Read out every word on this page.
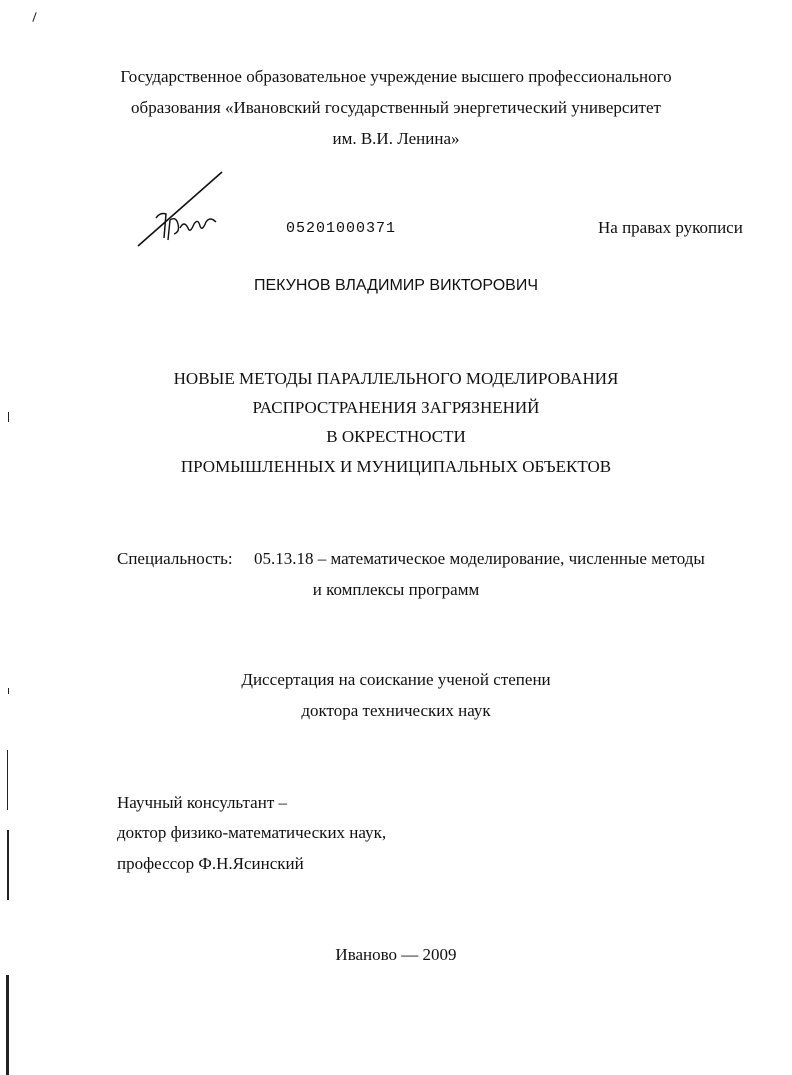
Государственное образовательное учреждение высшего профессионального
образования «Ивановский государственный энергетический университет
им. В.И. Ленина»
05201000371	На правах рукописи
ПЕКУНОВ ВЛАДИМИР ВИКТОРОВИЧ
НОВЫЕ МЕТОДЫ ПАРАЛЛЕЛЬНОГО МОДЕЛИРОВАНИЯ
РАСПРОСТРАНЕНИЯ ЗАГРЯЗНЕНИЙ
В ОКРЕСТНОСТИ
ПРОМЫШЛЕННЫХ И МУНИЦИПАЛЬНЫХ ОБЪЕКТОВ
Специальность: 05.13.18 – математическое моделирование, численные методы
и комплексы программ
Диссертация на соискание ученой степени
доктора технических наук
Научный консультант –
доктор физико-математических наук,
профессор Ф.Н.Ясинский
Иваново — 2009
